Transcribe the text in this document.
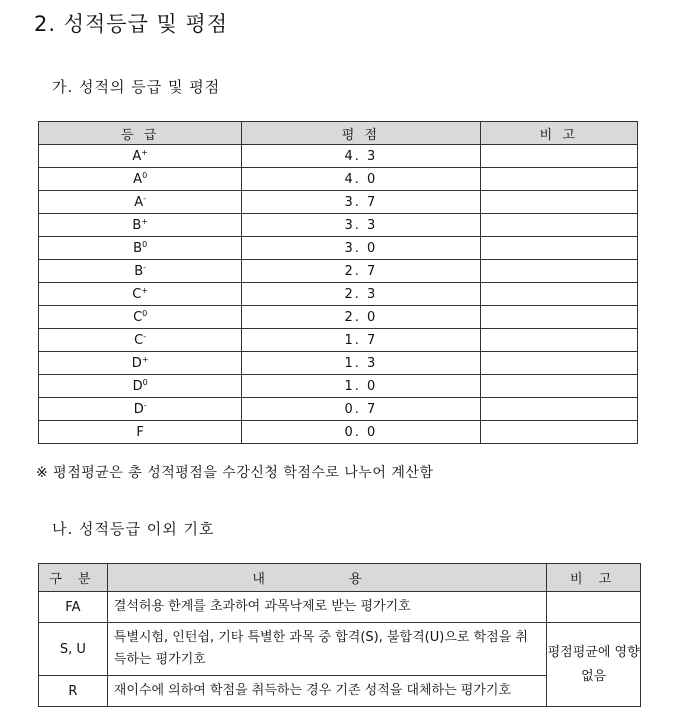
2. 성적등급 및 평점
가. 성적의 등급 및 평점
등 급	평 점	비 고
A+	4. 3	
$A^0$	4. 0	
A-	3. 7	
B+	3. 3	
$B^0$	3. 0	
B-	2. 7	
C+	2. 3	
$C^0$	2. 0	
C-	1. 7	
D+	1. 3	
$D^0$	1. 0	
D-	0. 7	
F	0. 0	
※ 평점평균은 총 성적평점을 수강신청 학점수로 나누어 계산함
나. 성적등급 이외 기호
구 분	내 용	비 고
FA	결석허용 한계를 초과하여 과목낙제로 받는 평가기호	
S, U	특별시험, 인턴쉽, 기타 특별한 과목 중 합격(S), 불합격(U)으로 학점을 취득하는 평가기호	평점평균에 영향 없음
R	재이수에 의하여 학점을 취득하는 경우 기존 성적을 대체하는 평가기호	
